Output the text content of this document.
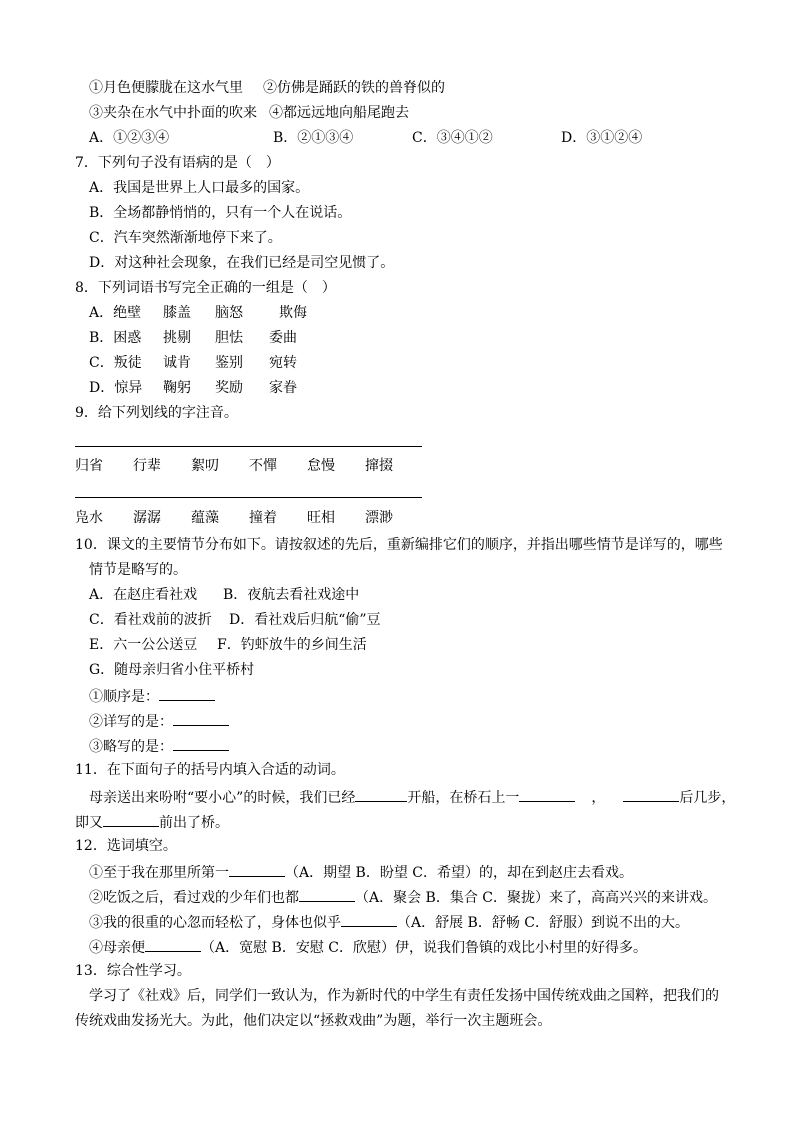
①月色便朦胧在这水气里 ②仿佛是踊跃的铁的兽脊似的
③夹杂在水气中扑面的吹来 ④都远远地向船尾跑去
A．①②③④	B．②①③④	C．③④①②	D．③①②④
7．下列句子没有语病的是（　）
A．我国是世界上人口最多的国家。
B．全场都静悄悄的，只有一个人在说话。
C．汽车突然渐渐地停下来了。
D．对这种社会现象，在我们已经是司空见惯了。
8．下列词语书写完全正确的一组是（　）
A．绝壁 膝盖 脑怒	欺侮
B．困惑 挑剔 胆怯 委曲
C．叛徒 诚肯 鉴别 宛转
D．惊异 鞠躬 奖励 家眷
9．给下列划线的字注音。
归省 行辈 絮叨 不憚 怠慢 撺掇
凫水 潺潺 蕴藻 撞着 旺相 漂渺
10．课文的主要情节分布如下。请按叙述的先后，重新编排它们的顺序，并指出哪些情节是详写的，哪些
情节是略写的。
A．在赵庄看社戏 B．夜航去看社戏途中
C．看社戏前的波折 D．看社戏后归航“偷”豆
E．六一公公送豆 F．钓虾放牛的乡间生活
G．随母亲归省小住平桥村
①顺序是：
②详写的是：
③略写的是：
11．在下面句子的括号内填入合适的动词。
母亲送出来吩咐“要小心”的时候，我们已经	开船，在桥石上一	，	后几步，
即又	前出了桥。
12．选词填空。
①至于我在那里所第一	（A．期望 B．盼望 C．希望）的，却在到赵庄去看戏。
②吃饭之后，看过戏的少年们也都	（A．聚会 B．集合 C．聚拢）来了，高高兴兴的来讲戏。
③我的很重的心忽而轻松了，身体也似乎	（A．舒展 B．舒畅 C．舒服）到说不出的大。
④母亲便	（A．宽慰 B．安慰 C．欣慰）伊，说我们鲁镇的戏比小村里的好得多。
13．综合性学习。
学习了《社戏》后，同学们一致认为，作为新时代的中学生有责任发扬中国传统戏曲之国粹，把我们的
传统戏曲发扬光大。为此，他们决定以“拯救戏曲”为题，举行一次主题班会。
